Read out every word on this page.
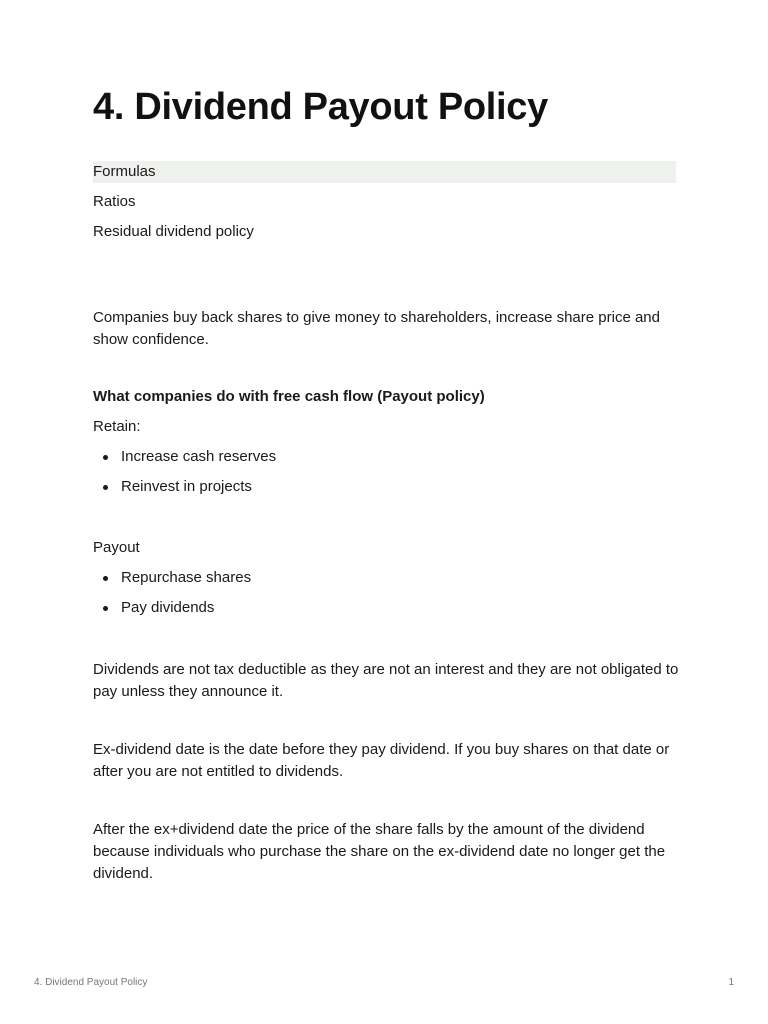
4. Dividend Payout Policy
Formulas
Ratios
Residual dividend policy

Companies buy back shares to give money to shareholders, increase share price and show confidence.

What companies do with free cash flow (Payout policy)

Retain:

Increase cash reserves
Reinvest in projects

Payout

Repurchase shares
Pay dividends

Dividends are not tax deductible as they are not an interest and they are not obligated to pay unless they announce it.

Ex-dividend date is the date before they pay dividend. If you buy shares on that date or after you are not entitled to dividends.

After the ex+dividend date the price of the share falls by the amount of the dividend because individuals who purchase the share on the ex-dividend date no longer get the dividend.

4. Dividend Payout Policy	1
